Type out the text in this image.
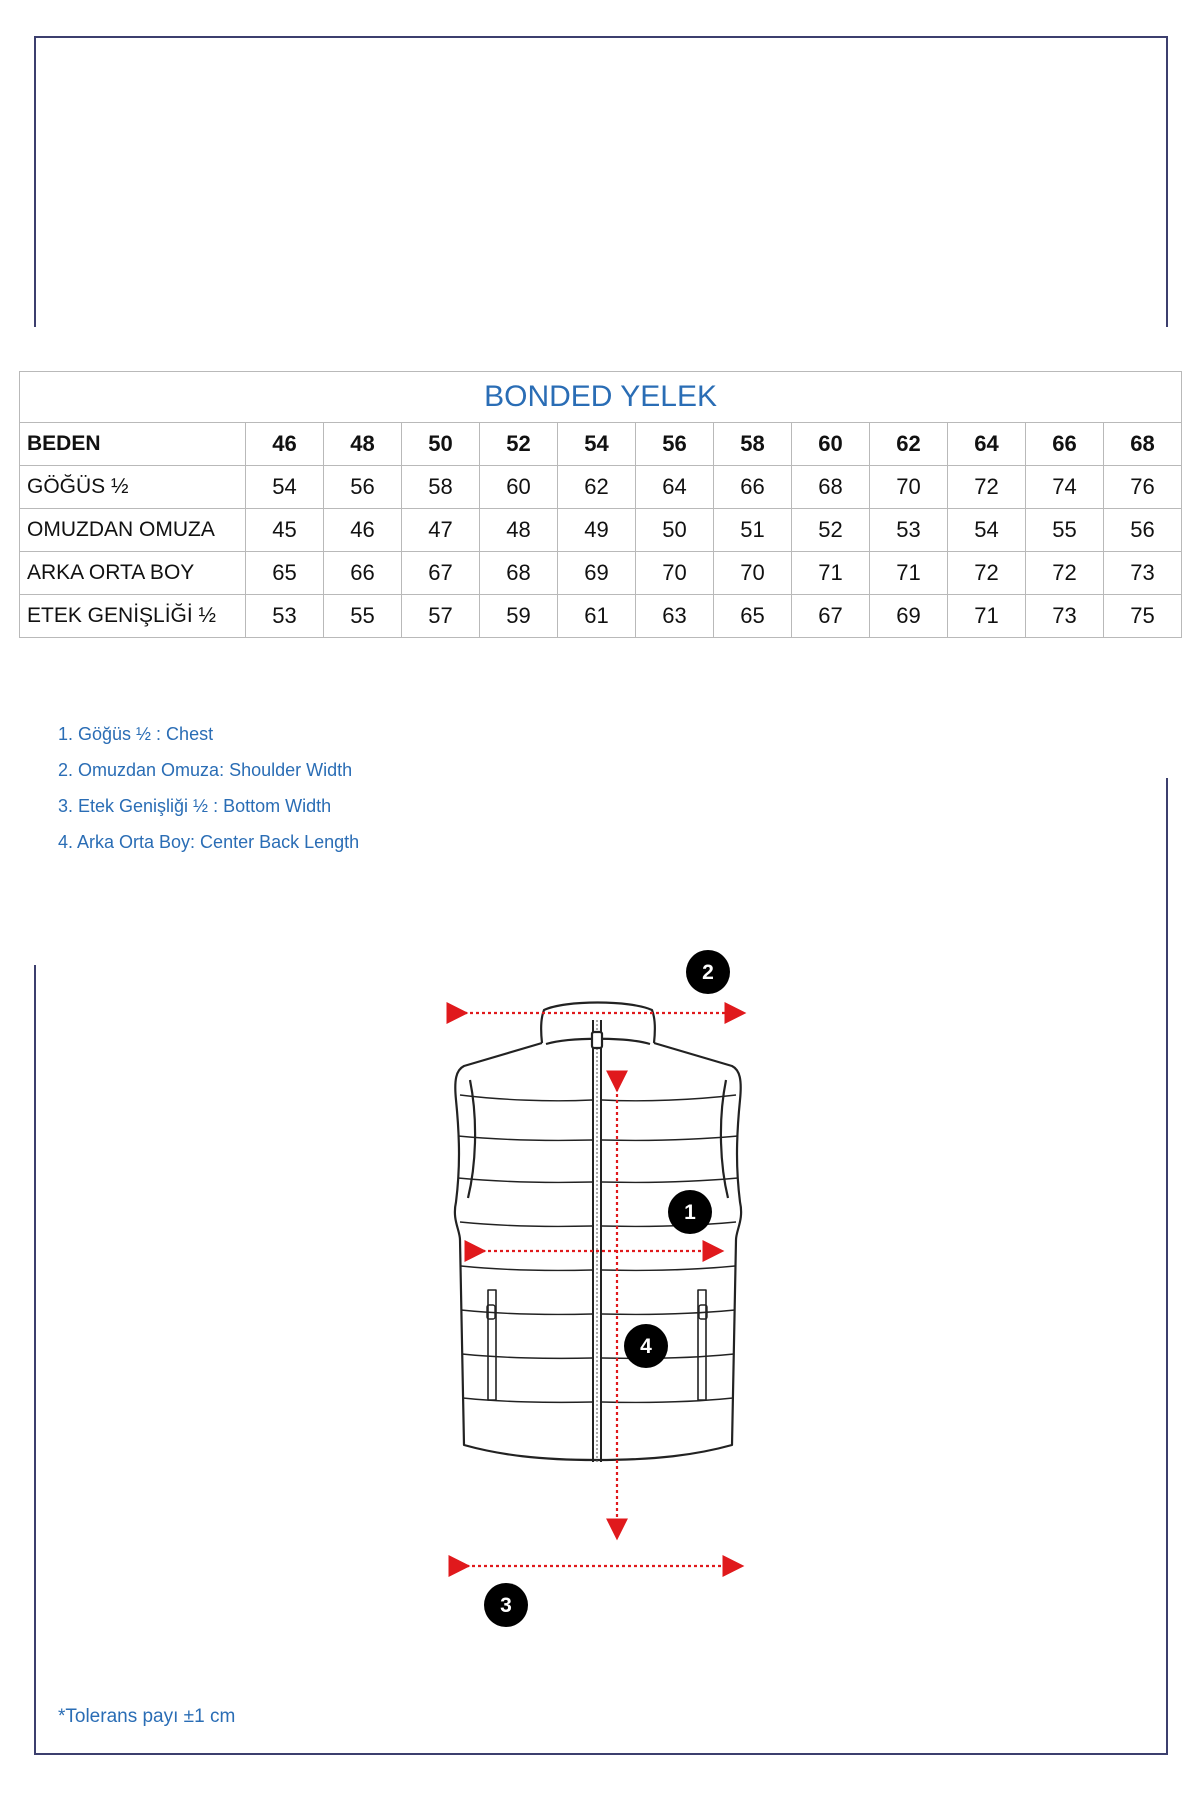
BONDED YELEK												
BEDEN	46	48	50	52	54	56	58	60	62	64	66	68
GÖĞÜS ½	54	56	58	60	62	64	66	68	70	72	74	76
OMUZDAN OMUZA	45	46	47	48	49	50	51	52	53	54	55	56
ARKA ORTA BOY	65	66	67	68	69	70	70	71	71	72	72	73
ETEK GENİŞLİĞİ ½	53	55	57	59	61	63	65	67	69	71	73	75
1. Göğüs ½ : Chest
2. Omuzdan Omuza: Shoulder Width
3. Etek Genişliği ½ : Bottom Width
4. Arka Orta Boy: Center Back Length
2
1
4
3
*Tolerans payı ±1 cm
